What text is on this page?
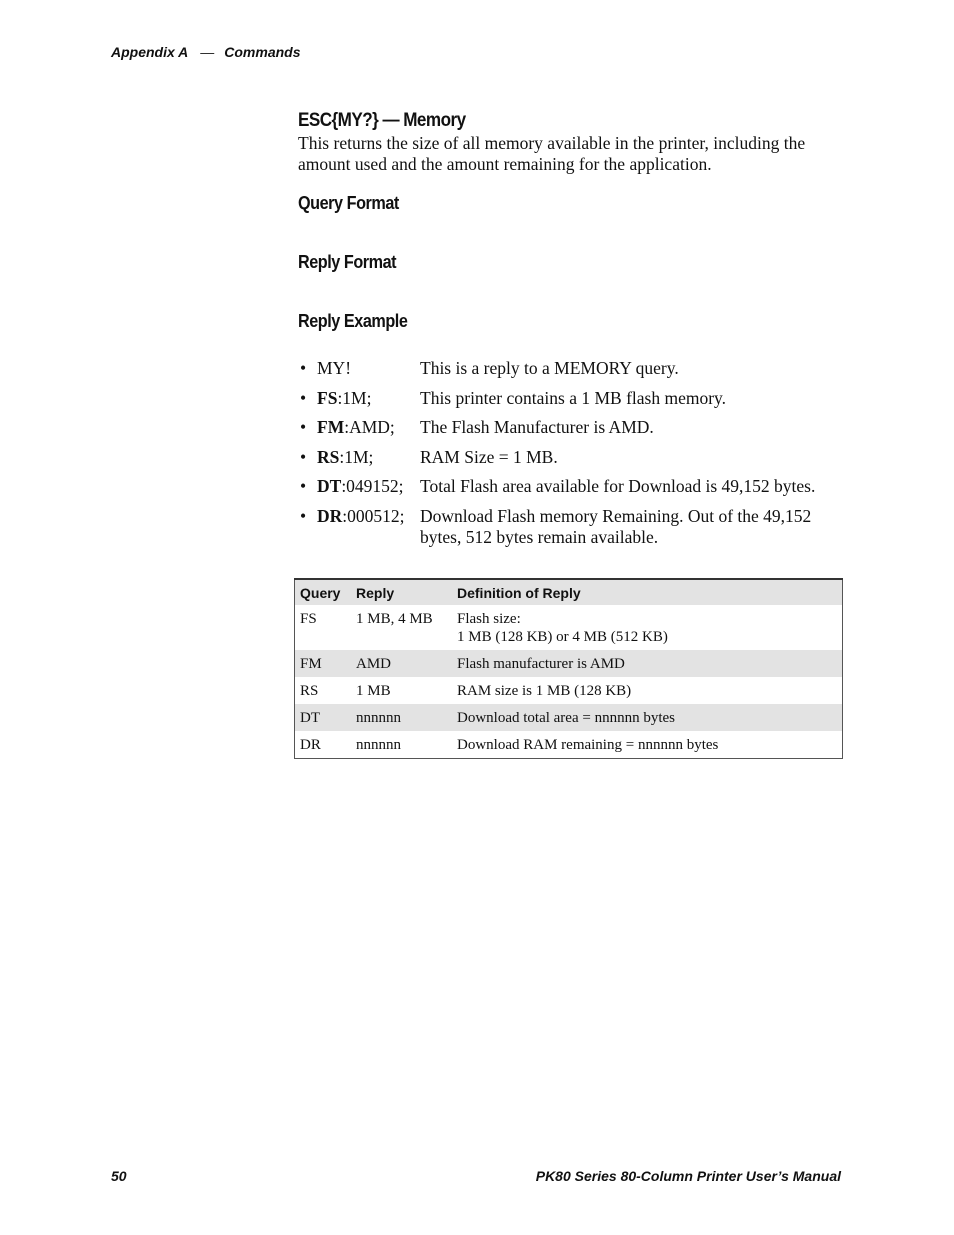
Appendix A — Commands
ESC{MY?} — Memory
This returns the size of all memory available in the printer, including the amount used and the amount remaining for the application.
Query Format
Reply Format
Reply Example
• MY!	This is a reply to a MEMORY query.
• FS:1M;	This printer contains a 1 MB flash memory.
• FM:AMD;	The Flash Manufacturer is AMD.
• RS:1M;	RAM Size = 1 MB.
• DT:049152; Total Flash area available for Download is 49,152 bytes.
• DR:000512; Download Flash memory Remaining. Out of the 49,152 bytes, 512 bytes remain available.
Query	Reply	Definition of Reply
FS	1 MB, 4 MB	Flash size:
1 MB (128 KB) or 4 MB (512 KB)

FM	AMD	Flash manufacturer is AMD

RS	1 MB	RAM size is 1 MB (128 KB)

DT	nnnnnn	Download total area = nnnnnn bytes

DR	nnnnnn	Download RAM remaining = nnnnnn bytes
50	PK80 Series 80-Column Printer User’s Manual
